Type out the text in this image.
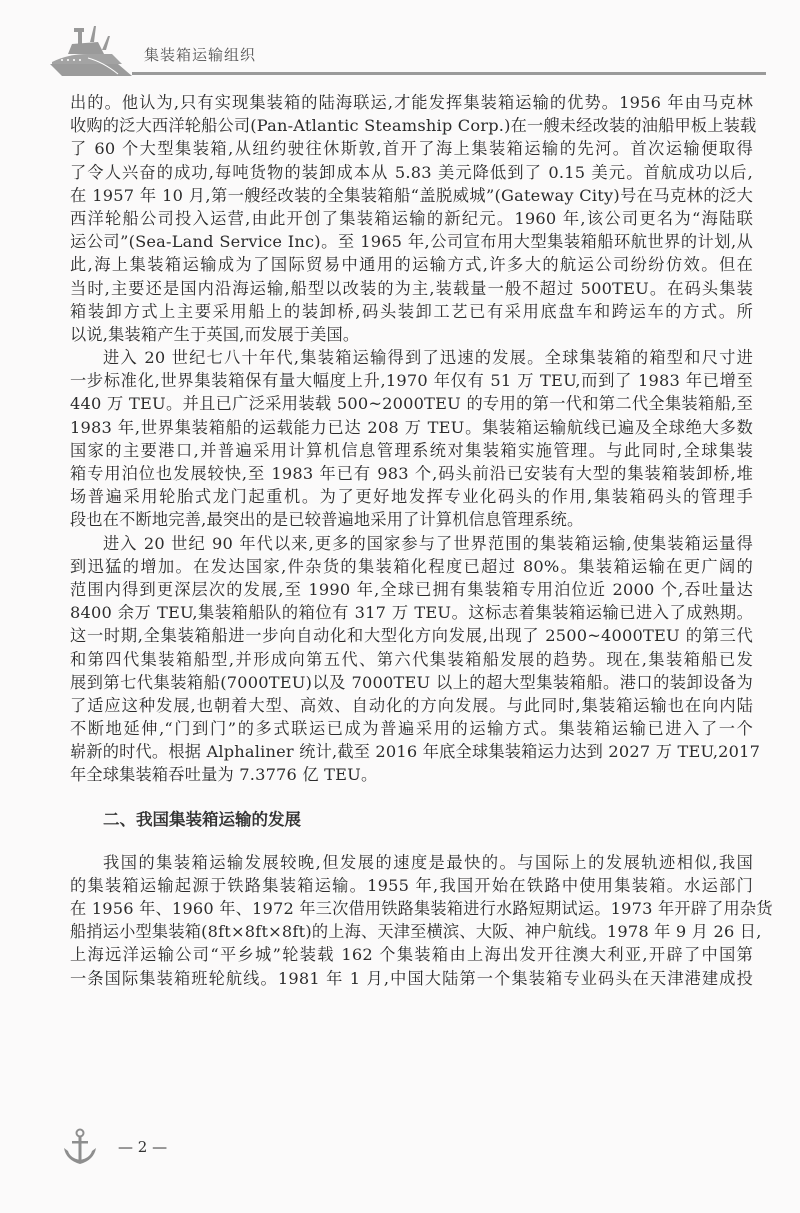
集装箱运输组织
出的。他认为,只有实现集装箱的陆海联运,才能发挥集装箱运输的优势。1956 年由马克林
收购的泛大西洋轮船公司(Pan-Atlantic Steamship Corp.)在一艘未经改装的油船甲板上装载
了 60 个大型集装箱,从纽约驶往休斯敦,首开了海上集装箱运输的先河。首次运输便取得
了令人兴奋的成功,每吨货物的装卸成本从 5.83 美元降低到了 0.15 美元。首航成功以后,
在 1957 年 10 月,第一艘经改装的全集装箱船“盖脱威城”(Gateway City)号在马克林的泛大
西洋轮船公司投入运营,由此开创了集装箱运输的新纪元。1960 年,该公司更名为“海陆联
运公司”(Sea-Land Service Inc)。至 1965 年,公司宣布用大型集装箱船环航世界的计划,从
此,海上集装箱运输成为了国际贸易中通用的运输方式,许多大的航运公司纷纷仿效。但在
当时,主要还是国内沿海运输,船型以改装的为主,装载量一般不超过 500TEU。在码头集装
箱装卸方式上主要采用船上的装卸桥,码头装卸工艺已有采用底盘车和跨运车的方式。所
以说,集装箱产生于英国,而发展于美国。
进入 20 世纪七八十年代,集装箱运输得到了迅速的发展。全球集装箱的箱型和尺寸进
一步标准化,世界集装箱保有量大幅度上升,1970 年仅有 51 万 TEU,而到了 1983 年已增至
440 万 TEU。并且已广泛采用装载 500~2000TEU 的专用的第一代和第二代全集装箱船,至
1983 年,世界集装箱船的运载能力已达 208 万 TEU。集装箱运输航线已遍及全球绝大多数
国家的主要港口,并普遍采用计算机信息管理系统对集装箱实施管理。与此同时,全球集装
箱专用泊位也发展较快,至 1983 年已有 983 个,码头前沿已安装有大型的集装箱装卸桥,堆
场普遍采用轮胎式龙门起重机。为了更好地发挥专业化码头的作用,集装箱码头的管理手
段也在不断地完善,最突出的是已较普遍地采用了计算机信息管理系统。
进入 20 世纪 90 年代以来,更多的国家参与了世界范围的集装箱运输,使集装箱运量得
到迅猛的增加。在发达国家,件杂货的集装箱化程度已超过 80%。集装箱运输在更广阔的
范围内得到更深层次的发展,至 1990 年,全球已拥有集装箱专用泊位近 2000 个,吞吐量达
8400 余万 TEU,集装箱船队的箱位有 317 万 TEU。这标志着集装箱运输已进入了成熟期。
这一时期,全集装箱船进一步向自动化和大型化方向发展,出现了 2500~4000TEU 的第三代
和第四代集装箱船型,并形成向第五代、第六代集装箱船发展的趋势。现在,集装箱船已发
展到第七代集装箱船(7000TEU)以及 7000TEU 以上的超大型集装箱船。港口的装卸设备为
了适应这种发展,也朝着大型、高效、自动化的方向发展。与此同时,集装箱运输也在向内陆
不断地延伸,“门到门”的多式联运已成为普遍采用的运输方式。集装箱运输已进入了一个
崭新的时代。根据 Alphaliner 统计,截至 2016 年底全球集装箱运力达到 2027 万 TEU,2017
年全球集装箱吞吐量为 7.3776 亿 TEU。
二、我国集装箱运输的发展
我国的集装箱运输发展较晚,但发展的速度是最快的。与国际上的发展轨迹相似,我国
的集装箱运输起源于铁路集装箱运输。1955 年,我国开始在铁路中使用集装箱。水运部门
在 1956 年、1960 年、1972 年三次借用铁路集装箱进行水路短期试运。1973 年开辟了用杂货
船捎运小型集装箱(8ft×8ft×8ft)的上海、天津至横滨、大阪、神户航线。1978 年 9 月 26 日,
上海远洋运输公司“平乡城”轮装载 162 个集装箱由上海出发开往澳大利亚,开辟了中国第
一条国际集装箱班轮航线。1981 年 1 月,中国大陆第一个集装箱专业码头在天津港建成投
— 2 —
